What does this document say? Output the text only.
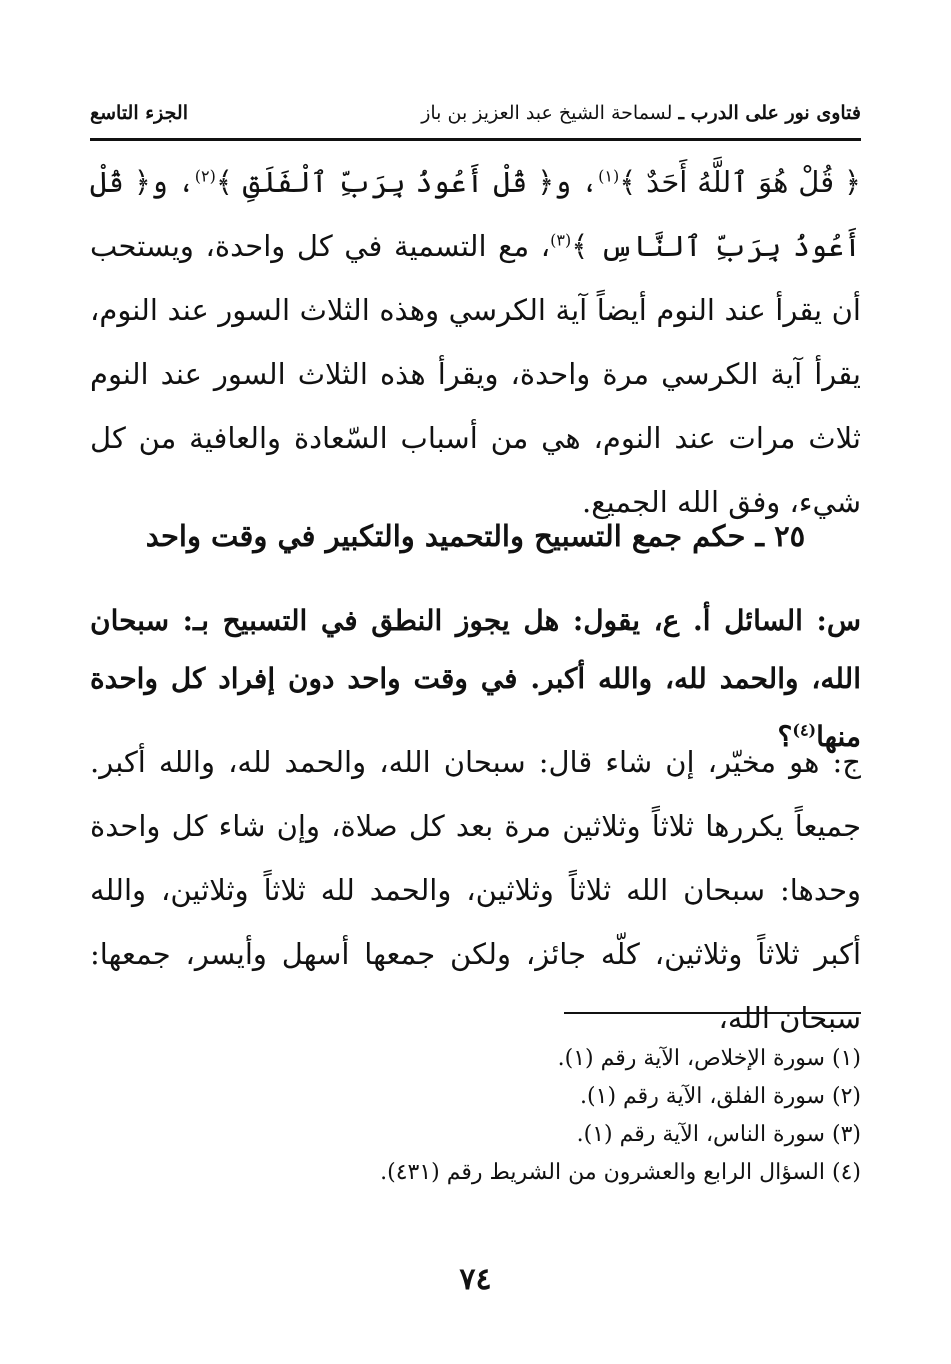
فتاوى نور على الدرب ـ لسماحة الشيخ عبد العزيز بن باز
الجزء التاسع
﴿ قُلْ هُوَ ٱللَّهُ أَحَدٌ ﴾$^{(١)}$، و﴿ قُلْ أَعُوذُ بِرَبِّ ٱلْفَلَقِ ﴾$^{(٢)}$، و﴿ قُلْ أَعُوذُ بِرَبِّ ٱلنَّاسِ ﴾$^{(٣)}$، مع التسمية في كل واحدة، ويستحب أن يقرأ عند النوم أيضاً آية الكرسي وهذه الثلاث السور عند النوم، يقرأ آية الكرسي مرة واحدة، ويقرأ هذه الثلاث السور عند النوم ثلاث مرات عند النوم، هي من أسباب السّعادة والعافية من كل شيء، وفق الله الجميع.
٢٥ ـ حكم جمع التسبيح والتحميد والتكبير في وقت واحد
س: السائل أ. ع، يقول: هل يجوز النطق في التسبيح بـ: سبحان الله، والحمد لله، والله أكبر. في وقت واحد دون إفراد كل واحدة منها$^{(٤)}$؟
ج: هو مخيّر، إن شاء قال: سبحان الله، والحمد لله، والله أكبر. جميعاً يكررها ثلاثاً وثلاثين مرة بعد كل صلاة، وإن شاء كل واحدة وحدها: سبحان الله ثلاثاً وثلاثين، والحمد لله ثلاثاً وثلاثين، والله أكبر ثلاثاً وثلاثين، كلّه جائز، ولكن جمعها أسهل وأيسر، جمعها: سبحان الله،
(١) سورة الإخلاص، الآية رقم (١).
(٢) سورة الفلق، الآية رقم (١).
(٣) سورة الناس، الآية رقم (١).
(٤) السؤال الرابع والعشرون من الشريط رقم (٤٣١).
٧٤
